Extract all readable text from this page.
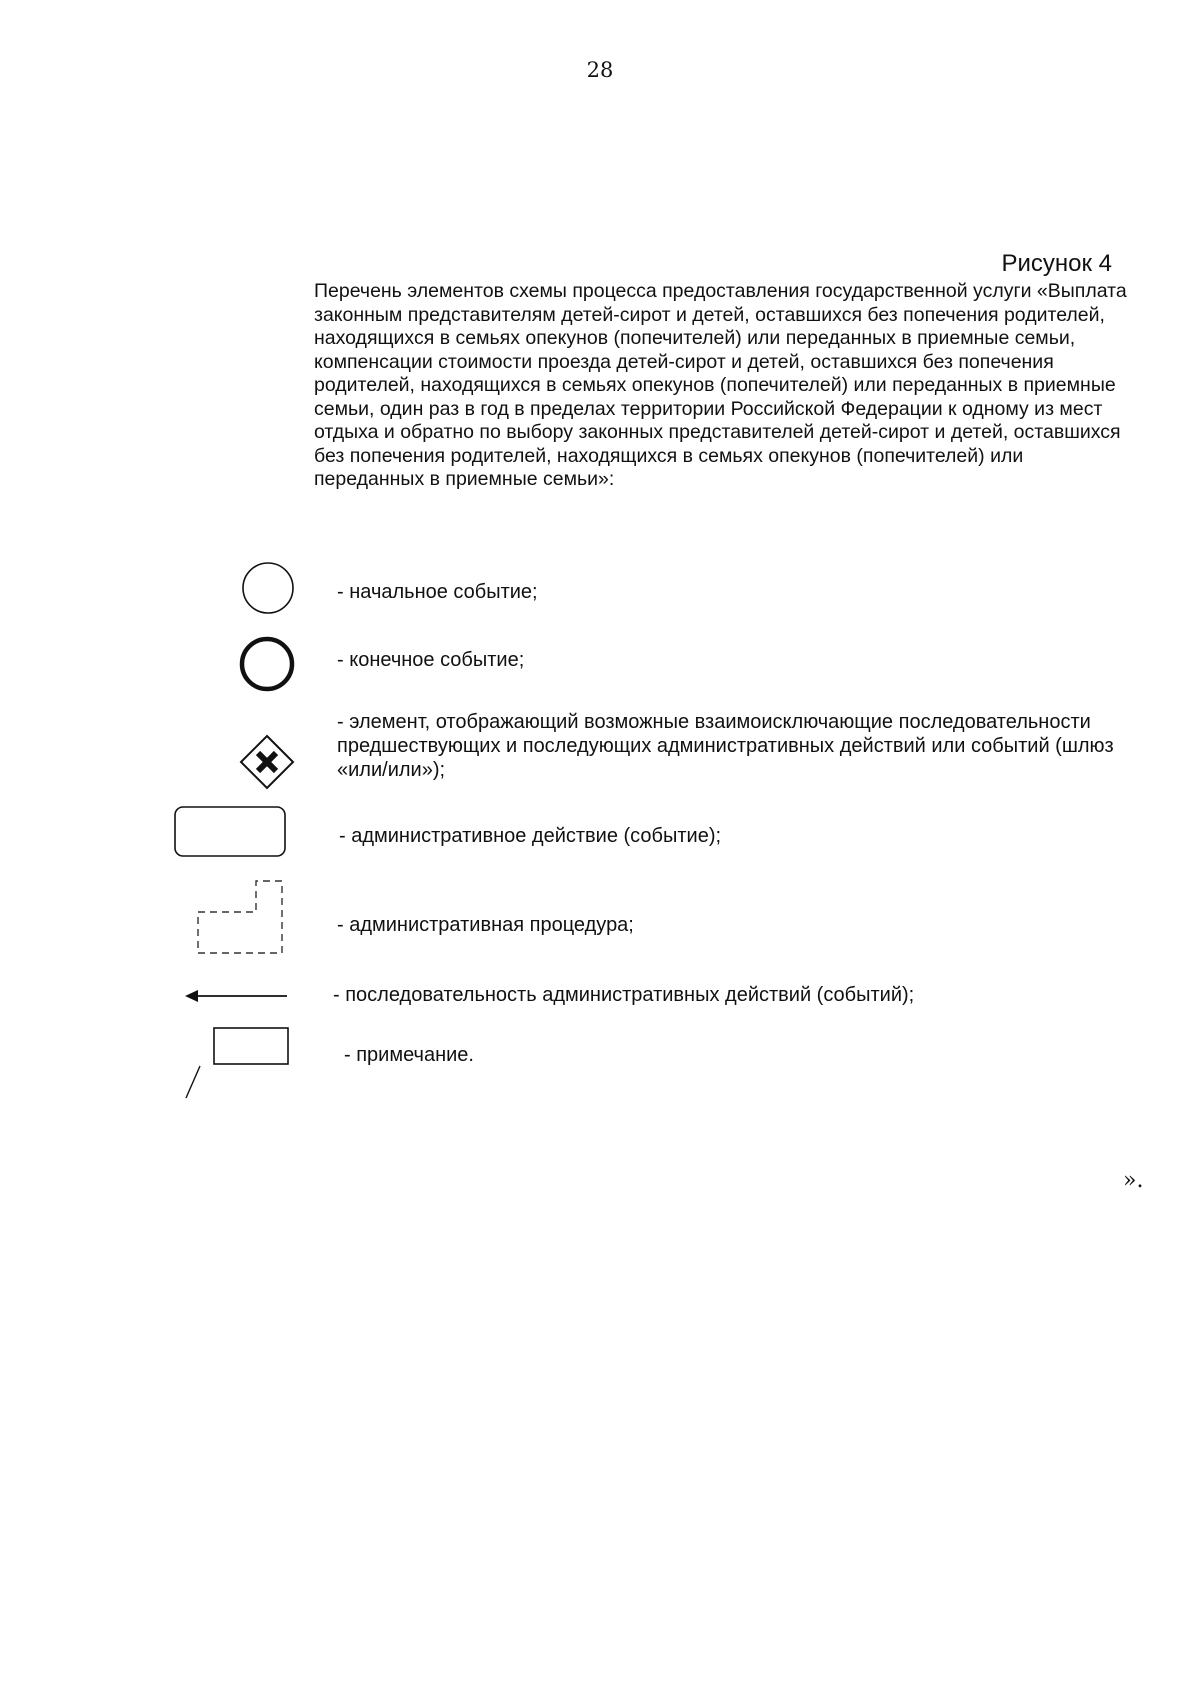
28
Рисунок 4

Перечень элементов схемы процесса предоставления государственной услуги «Выплата законным представителям детей-сирот и детей, оставшихся без попечения родителей, находящихся в семьях опекунов (попечителей) или переданных в приемные семьи, компенсации стоимости проезда детей-сирот и детей, оставшихся без попечения родителей, находящихся в семьях опекунов (попечителей) или переданных в приемные семьи, один раз в год в пределах территории Российской Федерации к одному из мест отдыха и обратно по выбору законных представителей детей-сирот и детей, оставшихся без попечения родителей, находящихся в семьях опекунов (попечителей) или переданных в приемные семьи»:

- начальное событие;

- конечное событие;

- элемент, отображающий возможные взаимоисключающие последовательности предшествующих и последующих административных действий или событий (шлюз «или/или»);

- административное действие (событие);

- административная процедура;

- последовательность административных действий (событий);

- примечание.

».
